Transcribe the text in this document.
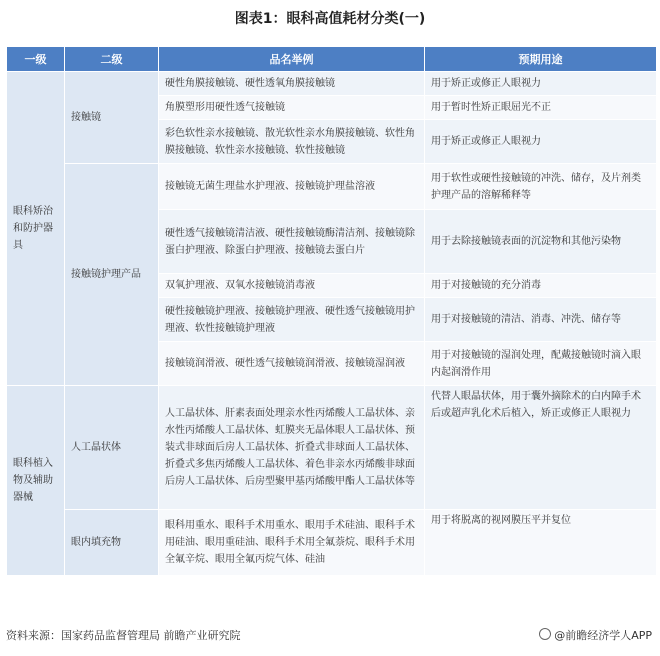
图表1：眼科高值耗材分类(一)
一级	二级	品名举例	预期用途
眼科矫治和防护器具	接触镜	硬性角膜接触镜、硬性透氧角膜接触镜	用于矫正或修正人眼视力
		角膜塑形用硬性透气接触镜	用于暂时性矫正眼屈光不正
		彩色软性亲水接触镜、散光软性亲水角膜接触镜、软性角膜接触镜、软性亲水接触镜、软性接触镜	用于矫正或修正人眼视力
	接触镜护理产品	接触镜无菌生理盐水护理液、接触镜护理盐溶液	用于软性或硬性接触镜的冲洗、储存，及片剂类护理产品的溶解稀释等
		硬性透气接触镜清洁液、硬性接触镜酶清洁剂、接触镜除蛋白护理液、除蛋白护理液、接触镜去蛋白片	用于去除接触镜表面的沉淀物和其他污染物
		双氧护理液、双氧水接触镜消毒液	用于对接触镜的充分消毒
		硬性接触镜护理液、接触镜护理液、硬性透气接触镜用护理液、软性接触镜护理液	用于对接触镜的清洁、消毒、冲洗、储存等
		接触镜润滑液、硬性透气接触镜润滑液、接触镜湿润液	用于对接触镜的湿润处理，配戴接触镜时滴入眼内起润滑作用
眼科植入物及辅助器械	人工晶状体	人工晶状体、肝素表面处理亲水性丙烯酸人工晶状体、亲水性丙烯酸人工晶状体、虹膜夹无晶体眼人工晶状体、预装式非球面后房人工晶状体、折叠式非球面人工晶状体、折叠式多焦丙烯酸人工晶状体、着色非亲水丙烯酸非球面后房人工晶状体、后房型聚甲基丙烯酸甲酯人工晶状体等	代替人眼晶状体，用于囊外摘除术的白内障手术后或超声乳化术后植入，矫正或修正人眼视力
	眼内填充物	眼科用重水、眼科手术用重水、眼用手术硅油、眼科手术用硅油、眼用重硅油、眼科手术用全氟萘烷、眼科手术用全氟辛烷、眼用全氟丙烷气体、硅油	用于将脱离的视网膜压平并复位
资料来源：国家药品监督管理局 前瞻产业研究院	@前瞻经济学人APP
